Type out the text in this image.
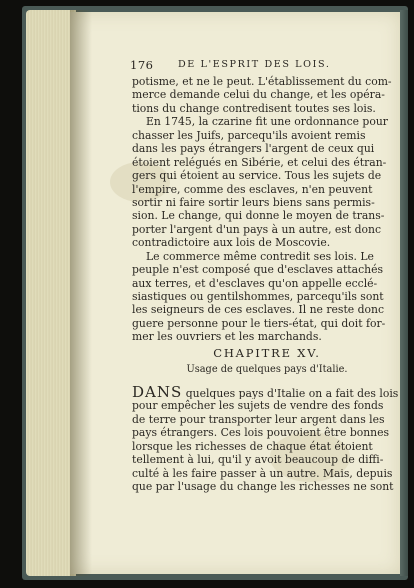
176	DE L'ESPRIT DES LOIS.
potisme, et ne le peut. L'établissement du com-
merce demande celui du change, et les opéra-
tions du change contredisent toutes ses lois.
En 1745, la czarine fit une ordonnance pour
chasser les Juifs, parcequ'ils avoient remis
dans les pays étrangers l'argent de ceux qui
étoient relégués en Sibérie, et celui des étran-
gers qui étoient au service. Tous les sujets de
l'empire, comme des esclaves, n'en peuvent
sortir ni faire sortir leurs biens sans permis-
sion. Le change, qui donne le moyen de trans-
porter l'argent d'un pays à un autre, est donc
contradictoire aux lois de Moscovie.
Le commerce même contredit ses lois. Le
peuple n'est composé que d'esclaves attachés
aux terres, et d'esclaves qu'on appelle ecclé-
siastiques ou gentilshommes, parcequ'ils sont
les seigneurs de ces esclaves. Il ne reste donc
guere personne pour le tiers-état, qui doit for-
mer les ouvriers et les marchands.
CHAPITRE XV.
Usage de quelques pays d'Italie.
DANS quelques pays d'Italie on a fait des lois
pour empêcher les sujets de vendre des fonds
de terre pour transporter leur argent dans les
pays étrangers. Ces lois pouvoient être bonnes
lorsque les richesses de chaque état étoient
tellement à lui, qu'il y avoit beaucoup de diffi-
culté à les faire passer à un autre. Mais, depuis
que par l'usage du change les richesses ne sont
